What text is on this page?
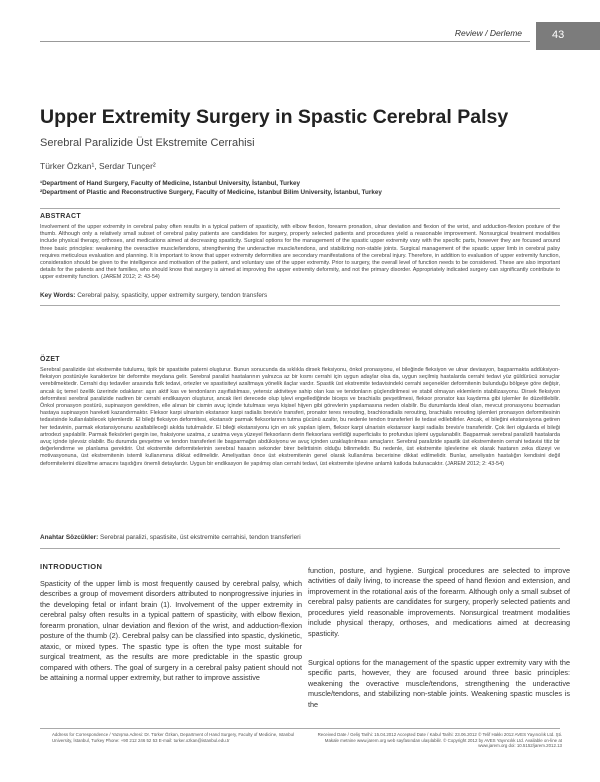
Review / Derleme	43
Upper Extremity Surgery in Spastic Cerebral Palsy
Serebral Paralizide Üst Ekstremite Cerrahisi
Türker Özkan¹, Serdar Tunçer²
¹Department of Hand Surgery, Faculty of Medicine, Istanbul University, İstanbul, Turkey
²Department of Plastic and Reconstructive Surgery, Faculty of Medicine, Istanbul Bilim University, İstanbul, Turkey
ABSTRACT
Involvement of the upper extremity in cerebral palsy often results in a typical pattern of spasticity, with elbow flexion, forearm pronation, ulnar deviation and flexion of the wrist, and adduction-flexion posture of the thumb. Although only a relatively small subset of cerebral palsy patients are candidates for surgery, properly selected patients and procedures yield a reasonable improvement. Nonsurgical treatment modalities include physical therapy, orthoses, and medications aimed at decreasing spasticity. Surgical options for the management of the spastic upper extremity vary with the specific parts, however they are focused around three basic principles: weakening the overactive muscle/tendons, strengthening the underactive muscle/tendons, and stabilizing non-stable joints. Surgical management of the spastic upper limb in cerebral palsy requires meticulous evaluation and planning. It is important to know that upper extremity deformities are secondary manifestations of the cerebral injury. Therefore, in addition to evaluation of upper extremity function, consideration should be given to the intelligence and motivation of the patient, and voluntary use of the upper extremity. Prior to surgery, the overall level of function needs to be considered. These are also important details for the patients and their families, who should know that surgery is aimed at improving the upper extremity deformity, and not the primary disorder. Appropriately indicated surgery can significantly contribute to upper extremity function. (JAREM 2012; 2: 43-54)
Key Words: Cerebral palsy, spasticity, upper extremity surgery, tendon transfers
ÖZET
Serebral paralizide üst ekstremite tutulumu, tipik bir spastisite paterni oluşturur. Bunun sonucunda da sıklıkla dirsek fleksiyonu, önkol pronasyonu, el bileğinde fleksiyon ve ulnar deviasyon, başparmakta addüksiyon-fleksiyon postürüyle karakterize bir deformite meydana gelir. Serebral paralizi hastalarının yalnızca az bir kısmı cerrahi için uygun adaylar olsa da, uygun seçilmiş hastalarda cerrahi tedavi yüz güldürücü sonuçlar verebilmektedir. Cerrahi dışı tedaviler arasında fizik tedavi, ortezler ve spastisiteyi azaltmaya yönelik ilaçlar vardır. Spastik üst ekstremite tedavisindeki cerrahi seçenekler deformitenin bulunduğu bölgeye göre değişir, ancak üç temel özellik üzerinde odaklanır: aşırı aktif kas ve tendonların zayıflatılması, yetersiz aktiviteye sahip olan kas ve tendonların güçlendirilmesi ve stabil olmayan eklemlerin stabilizasyonu. Dirsek fleksiyon deformitesi serebral paralizide nadiren bir cerrahi endikasyon oluşturur, ancak ileri derecede olup işlevi engellediğinde biceps ve brachialis gevşetilmesi, fleksor pronator kas kaydırma gibi işlemler ile düzeltilebilir. Önkol pronasyon postürü, supinasyon gerektiren, elle alınan bir cismin avuç içinde tutulması veya kişisel hijyen gibi görevlerin yapılamasına neden olabilir. Bu durumlarda ideal olan, mevcut pronasyonu bozmadan hastaya supinasyon hareketi kazandırmaktır. Fleksor karpi ulnarisin ekstansor karpi radialis brevis'e transferi, pronator teres rerouting, brachioradialis rerouting, brachialis rerouting işlemleri pronasyon deformitesinin tedavisinde kullanılabilecek işlemlerdir. El bileği fleksiyon deformitesi, ekstansör parmak fleksorlarının tutma gücünü azaltır, bu nedenle tendon transferleri ile tedavi edilebilirler. Ancak, el bileğini ekstansiyona getiren her tedavinin, parmak ekstansiyonunu azaltabileceği akılda tutulmalıdır. El bileği ekstansiyonu için en sık yapılan işlem, fleksor karpi ulnarisin ekstansor karpi radialis brevis'e transferidir. Çok ileri olgularda el bileği artrodezi yapılabilir. Parmak fleksörleri gergin ise, fraksiyone uzatma, z uzatma veya yüzeyel fleksorların derin fleksorlara verildiği superficialis to profundus işlemi uygulanabilir. Başparmak serebral paralizili hastalarda avuç içinde işlevsiz olabilir. Bu durumda gevşetme ve tendon transferleri ile başparmağın abdüksiyonu ve avuç içinden uzaklaştırılması amaçlanır. Serebral paralizide spastik üst ekstremitenin cerrahi tedavisi titiz bir değerlendirme ve planlama gerektirir. Üst ekstremite deformitelerinin serebral hasarın sekonder birer belirtisinin olduğu bilinmelidir. Bu nedenle, üst ekstremite işlevlerine ek olarak hastanın zeka düzeyi ve motivasyonuna, üst ekstremitenin istemli kullanımına dikkat edilmelidir. Ameliyattan önce üst ekstremitenin genel olarak kullanılma becerisine dikkat edilmelidir. Bunlar, ameliyatın hastalığın kendisini değil deformitelerini düzeltme amacını taşıdığını önemli detaylardır. Uygun bir endikasyon ile yapılmış olan cerrahi tedavi, üst ekstremite işlevine anlamlı katkıda bulunacaktır. (JAREM 2012; 2: 43-54)
Anahtar Sözcükler: Serebral paralizi, spastisite, üst ekstremite cerrahisi, tendon transferleri
INTRODUCTION
Spasticity of the upper limb is most frequently caused by cerebral palsy, which describes a group of movement disorders attributed to nonprogressive injuries in the developing fetal or infant brain (1). Involvement of the upper extremity in cerebral palsy often results in a typical pattern of spasticity, with elbow flexion, forearm pronation, ulnar deviation and flexion of the wrist, and adduction-flexion posture of the thumb (2). Cerebral palsy can be classified into spastic, dyskinetic, ataxic, or mixed types. The spastic type is often the type most suitable for surgical treatment, as the results are more predictable in the spastic group compared with others. The goal of surgery in a cerebral palsy patient should not be attaining a normal upper extremity, but rather to improve assistive
function, posture, and hygiene. Surgical procedures are selected to improve activities of daily living, to increase the speed of hand flexion and extension, and improvement in the rotational axis of the forearm. Although only a small subset of cerebral palsy patients are candidates for surgery, properly selected patients and procedures yield reasonable improvements. Nonsurgical treatment modalities include physical therapy, orthoses, and medications aimed at decreasing spasticity.
Surgical options for the management of the spastic upper extremity vary with the specific parts, however, they are focused around three basic principles: weakening the overactive muscle/tendons, strengthening the underactive muscle/tendons, and stabilizing non-stable joints. Weakening spastic muscles is the
Address for Correspondence / Yazışma Adresi: Dr. Türker Özkan, Department of Hand Surgery, Faculty of Medicine, Istanbul University, İstanbul, Turkey Phone: +90 212 246 52 53 E-mail: turker.ozkan@istanbul.edu.tr
Received Date / Geliş Tarihi: 15.04.2012 Accepted Date / Kabul Tarihi: 23.06.2012 © Telif Hakkı 2012 AVES Yayıncılık Ltd. Şti. Makale metnine www.jarem.org web sayfasından ulaşılabilir. © Copyright 2012 by AVES Yayıncılık Ltd. Available on-line at www.jarem.org doi: 10.5152/jarem.2012.13
